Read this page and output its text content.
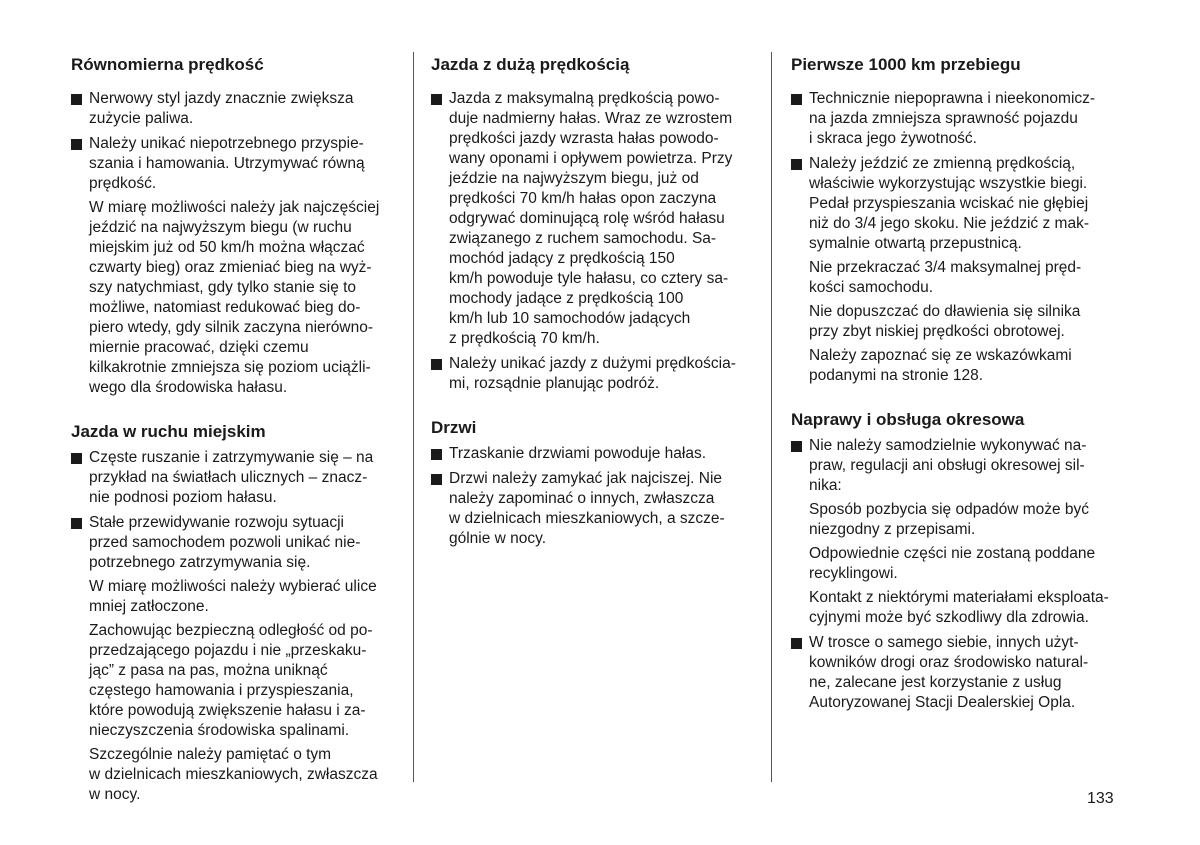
Równomierna prędkość
Nerwowy styl jazdy znacznie zwiększa
zużycie paliwa.
Należy unikać niepotrzebnego przyspie-
szania i hamowania. Utrzymywać równą
prędkość.
W miarę możliwości należy jak najczęściej
jeździć na najwyższym biegu (w ruchu
miejskim już od 50 km/h można włączać
czwarty bieg) oraz zmieniać bieg na wyż-
szy natychmiast, gdy tylko stanie się to
możliwe, natomiast redukować bieg do-
piero wtedy, gdy silnik zaczyna nierówno-
miernie pracować, dzięki czemu
kilkakrotnie zmniejsza się poziom uciążli-
wego dla środowiska hałasu.
Jazda w ruchu miejskim
Częste ruszanie i zatrzymywanie się – na
przykład na światłach ulicznych – znacz-
nie podnosi poziom hałasu.
Stałe przewidywanie rozwoju sytuacji
przed samochodem pozwoli unikać nie-
potrzebnego zatrzymywania się.
W miarę możliwości należy wybierać ulice
mniej zatłoczone.
Zachowując bezpieczną odległość od po-
przedzającego pojazdu i nie „przeskaku-
jąc” z pasa na pas, można uniknąć
częstego hamowania i przyspieszania,
które powodują zwiększenie hałasu i za-
nieczyszczenia środowiska spalinami.
Szczególnie należy pamiętać o tym
w dzielnicach mieszkaniowych, zwłaszcza
w nocy.
Jazda z dużą prędkością
Jazda z maksymalną prędkością powo-
duje nadmierny hałas. Wraz ze wzrostem
prędkości jazdy wzrasta hałas powodo-
wany oponami i opływem powietrza. Przy
jeździe na najwyższym biegu, już od
prędkości 70 km/h hałas opon zaczyna
odgrywać dominującą rolę wśród hałasu
związanego z ruchem samochodu. Sa-
mochód jadący z prędkością 150
km/h powoduje tyle hałasu, co cztery sa-
mochody jadące z prędkością 100
km/h lub 10 samochodów jadących
z prędkością 70 km/h.
Należy unikać jazdy z dużymi prędkościa-
mi, rozsądnie planując podróż.
Drzwi
Trzaskanie drzwiami powoduje hałas.
Drzwi należy zamykać jak najciszej. Nie
należy zapominać o innych, zwłaszcza
w dzielnicach mieszkaniowych, a szcze-
gólnie w nocy.
Pierwsze 1000 km przebiegu
Technicznie niepoprawna i nieekonomicz-
na jazda zmniejsza sprawność pojazdu
i skraca jego żywotność.
Należy jeździć ze zmienną prędkością,
właściwie wykorzystując wszystkie biegi.
Pedał przyspieszania wciskać nie głębiej
niż do 3/4 jego skoku. Nie jeździć z mak-
symalnie otwartą przepustnicą.
Nie przekraczać 3/4 maksymalnej pręd-
kości samochodu.
Nie dopuszczać do dławienia się silnika
przy zbyt niskiej prędkości obrotowej.
Należy zapoznać się ze wskazówkami
podanymi na stronie 128.
Naprawy i obsługa okresowa
Nie należy samodzielnie wykonywać na-
praw, regulacji ani obsługi okresowej sil-
nika:
Sposób pozbycia się odpadów może być
niezgodny z przepisami.
Odpowiednie części nie zostaną poddane
recyklingowi.
Kontakt z niektórymi materiałami eksploata-
cyjnymi może być szkodliwy dla zdrowia.
W trosce o samego siebie, innych użyt-
kowników drogi oraz środowisko natural-
ne, zalecane jest korzystanie z usług
Autoryzowanej Stacji Dealerskiej Opla.
133
